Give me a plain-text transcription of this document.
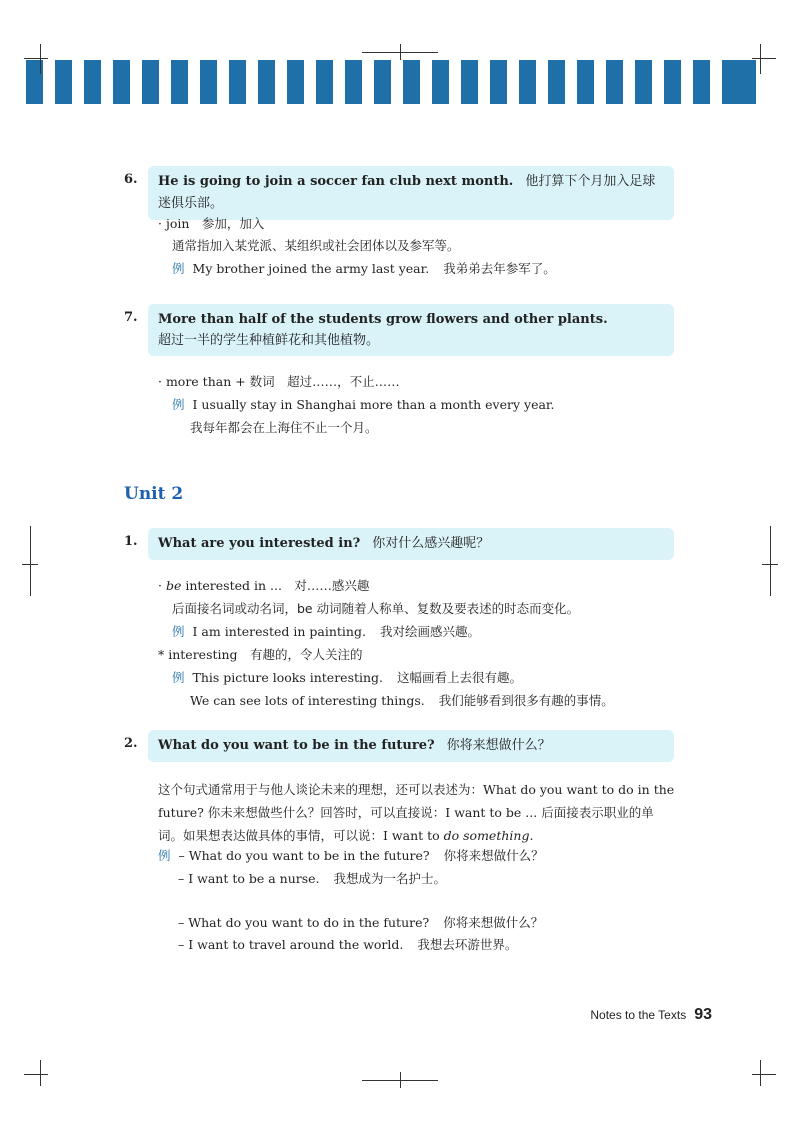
6.	He is going to join a soccer fan club next month. 他打算下个月加入足球迷俱乐部。
· join　参加，加入
通常指加入某党派、某组织或社会团体以及参军等。
例 My brother joined the army last year. 我弟弟去年参军了。
7. More than half of the students grow flowers and other plants.
超过一半的学生种植鲜花和其他植物。
· more than + 数词　超过……，不止……
例 I usually stay in Shanghai more than a month every year.
我每年都会在上海住不止一个月。
Unit 2
1.	What are you interested in? 你对什么感兴趣呢？
· be interested in ...　对……感兴趣
后面接名词或动名词，be 动词随着人称单、复数及要表述的时态而变化。
例 I am interested in painting. 我对绘画感兴趣。
* interesting　有趣的，令人关注的
例 This picture looks interesting. 这幅画看上去很有趣。
We can see lots of interesting things. 我们能够看到很多有趣的事情。
2.	What do you want to be in the future? 你将来想做什么？
这个句式通常用于与他人谈论未来的理想，还可以表述为：What do you want to do in the
future? 你未来想做些什么？回答时，可以直接说：I want to be ... 后面接表示职业的单
词。如果想表达做具体的事情，可以说：I want to do something.
例 – What do you want to be in the future? 你将来想做什么？
– I want to be a nurse. 我想成为一名护士。
– What do you want to do in the future? 你将来想做什么？
– I want to travel around the world. 我想去环游世界。
Notes to the Texts 93
